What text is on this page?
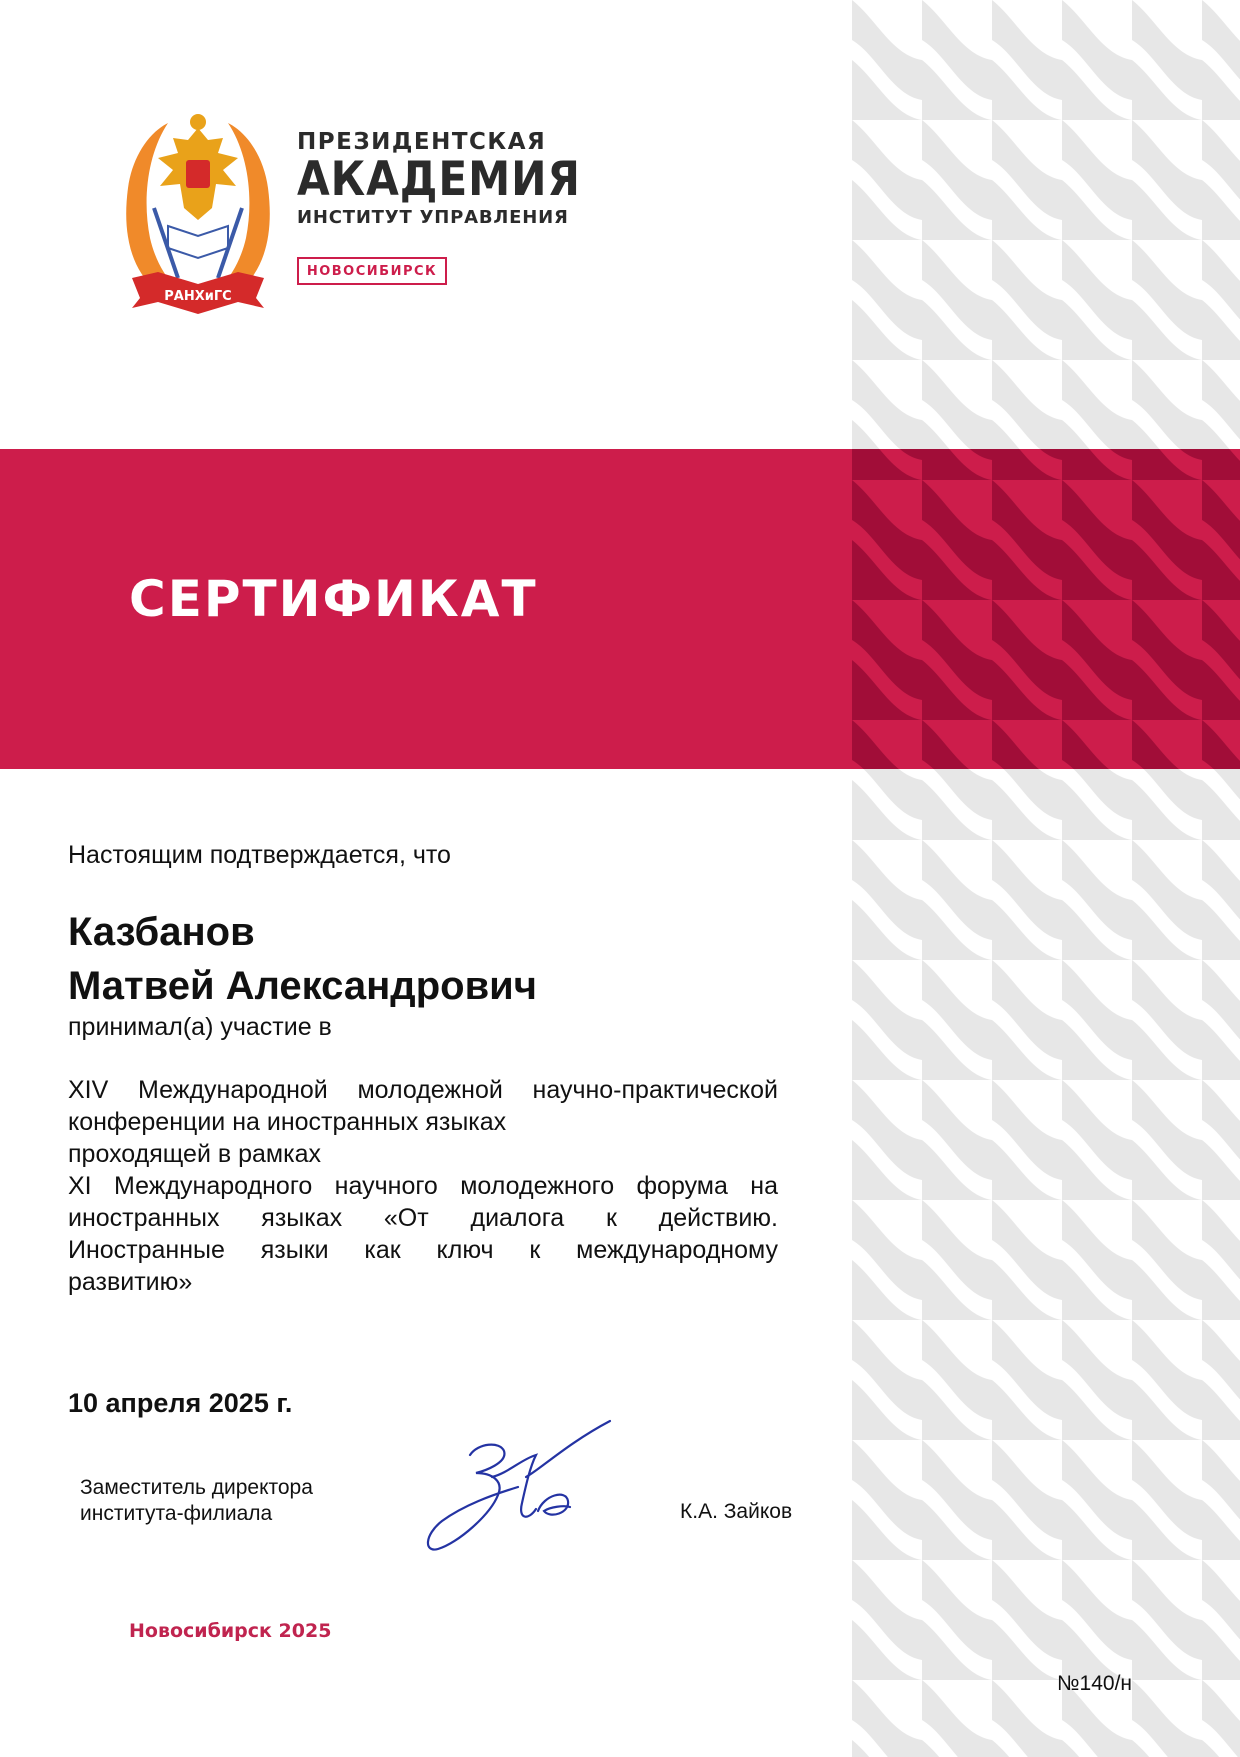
СЕРТИФИКАТ
РАНХиГС
ПРЕЗИДЕНТСКАЯ
АКАДЕМИЯ
ИНСТИТУТ УПРАВЛЕНИЯ
НОВОСИБИРСК
Настоящим подтверждается, что
Казбанов
Матвей Александрович
принимал(а) участие в
XIV Международной молодежной научно-практической
конференции на иностранных языках
проходящей в рамках
XI Международного научного молодежного форума на
иностранных языках «От диалога к действию.
Иностранные языки как ключ к международному
развитию»
10 апреля 2025 г.
Заместитель директора
института-филиала	К.А. Зайков
Новосибирск 2025
№140/н
